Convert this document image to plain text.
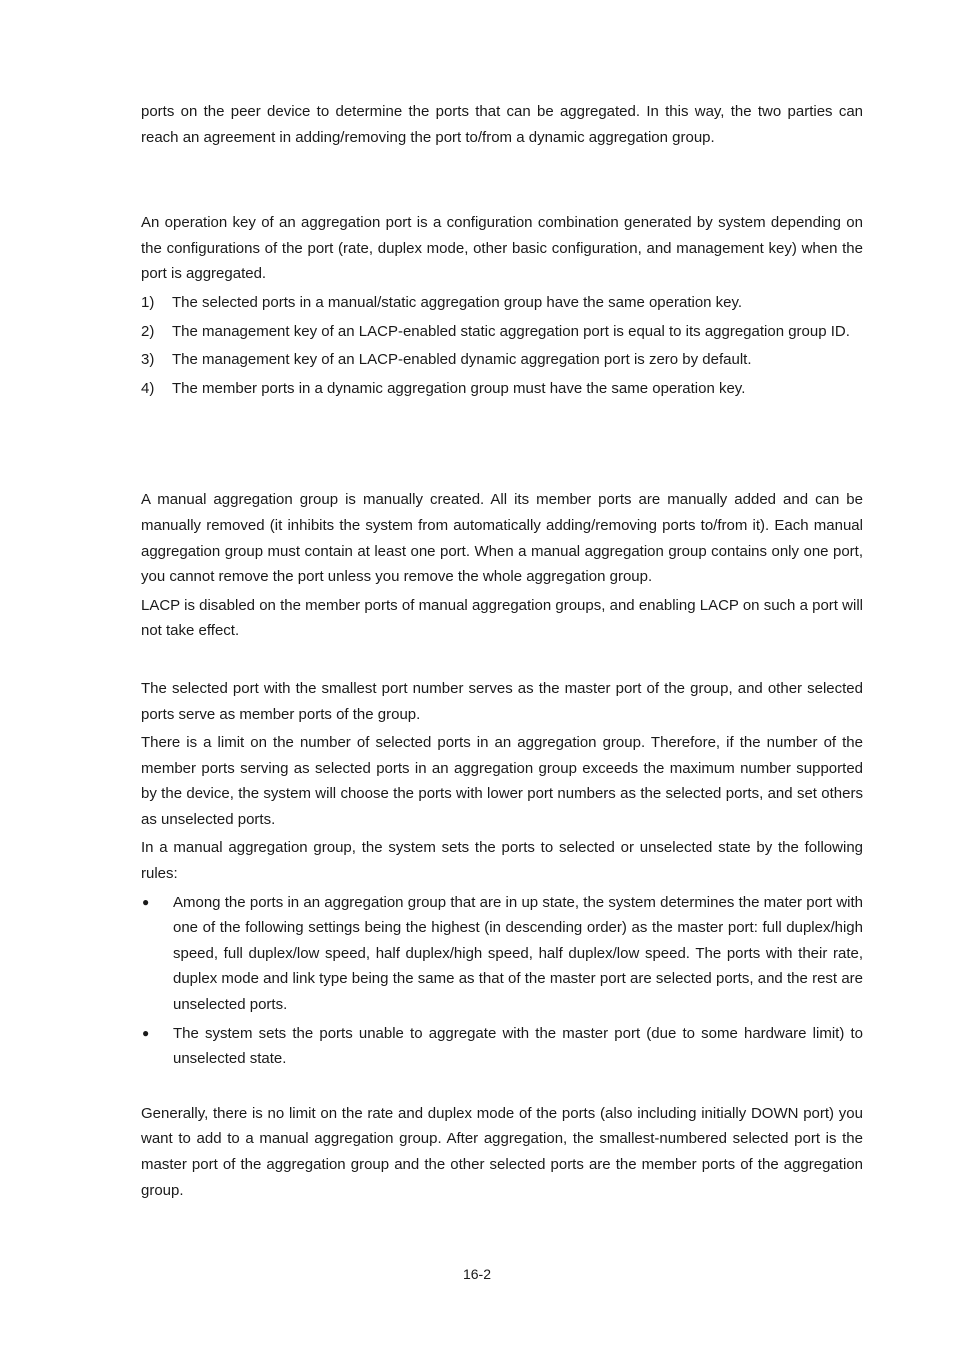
ports on the peer device to determine the ports that can be aggregated. In this way, the two parties can reach an agreement in adding/removing the port to/from a dynamic aggregation group.

An operation key of an aggregation port is a configuration combination generated by system depending on the configurations of the port (rate, duplex mode, other basic configuration, and management key) when the port is aggregated.

1)	The selected ports in a manual/static aggregation group have the same operation key.
2)	The management key of an LACP-enabled static aggregation port is equal to its aggregation group ID.
3)	The management key of an LACP-enabled dynamic aggregation port is zero by default.
4)	The member ports in a dynamic aggregation group must have the same operation key.

A manual aggregation group is manually created. All its member ports are manually added and can be manually removed (it inhibits the system from automatically adding/removing ports to/from it). Each manual aggregation group must contain at least one port. When a manual aggregation group contains only one port, you cannot remove the port unless you remove the whole aggregation group.

LACP is disabled on the member ports of manual aggregation groups, and enabling LACP on such a port will not take effect.

The selected port with the smallest port number serves as the master port of the group, and other selected ports serve as member ports of the group.

There is a limit on the number of selected ports in an aggregation group. Therefore, if the number of the member ports serving as selected ports in an aggregation group exceeds the maximum number supported by the device, the system will choose the ports with lower port numbers as the selected ports, and set others as unselected ports.

In a manual aggregation group, the system sets the ports to selected or unselected state by the following rules:

●	Among the ports in an aggregation group that are in up state, the system determines the mater port with one of the following settings being the highest (in descending order) as the master port: full duplex/high speed, full duplex/low speed, half duplex/high speed, half duplex/low speed. The ports with their rate, duplex mode and link type being the same as that of the master port are selected ports, and the rest are unselected ports.
●	The system sets the ports unable to aggregate with the master port (due to some hardware limit) to unselected state.

Generally, there is no limit on the rate and duplex mode of the ports (also including initially DOWN port) you want to add to a manual aggregation group. After aggregation, the smallest-numbered selected port is the master port of the aggregation group and the other selected ports are the member ports of the aggregation group.

16-2
